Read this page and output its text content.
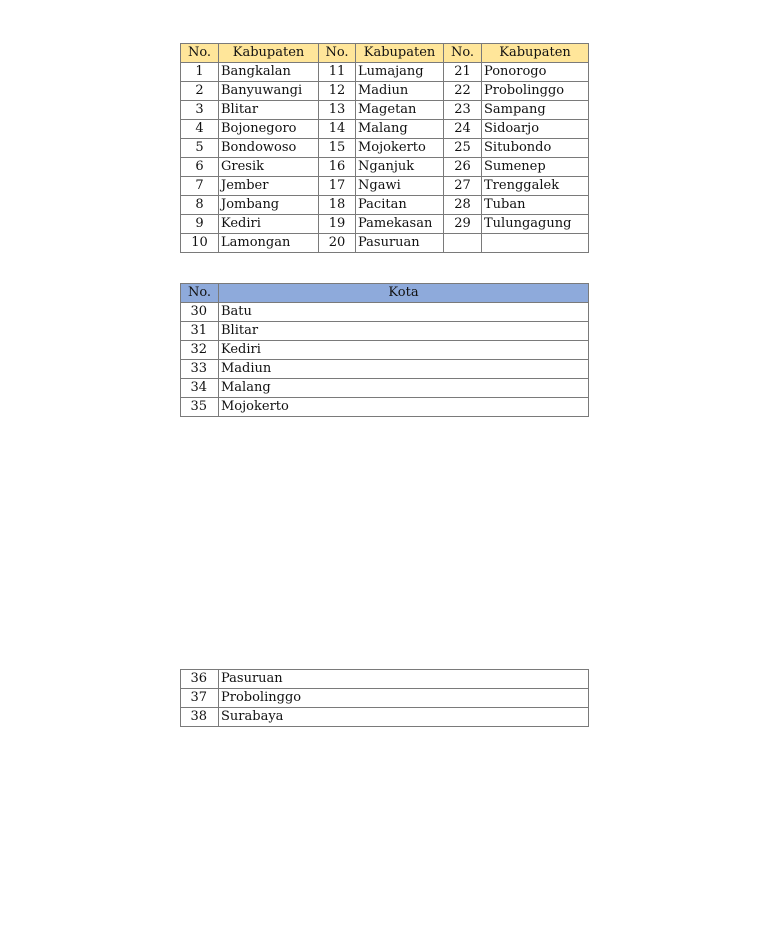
No.	Kabupaten	No.	Kabupaten	No.	Kabupaten
1	Bangkalan	11	Lumajang	21	Ponorogo
2	Banyuwangi	12	Madiun	22	Probolinggo
3	Blitar	13	Magetan	23	Sampang
4	Bojonegoro	14	Malang	24	Sidoarjo
5	Bondowoso	15	Mojokerto	25	Situbondo
6	Gresik	16	Nganjuk	26	Sumenep
7	Jember	17	Ngawi	27	Trenggalek
8	Jombang	18	Pacitan	28	Tuban
9	Kediri	19	Pamekasan	29	Tulungagung
10	Lamongan	20	Pasuruan		
No.	Kota
30	Batu
31	Blitar
32	Kediri
33	Madiun
34	Malang
35	Mojokerto
36	Pasuruan
37	Probolinggo
38	Surabaya
